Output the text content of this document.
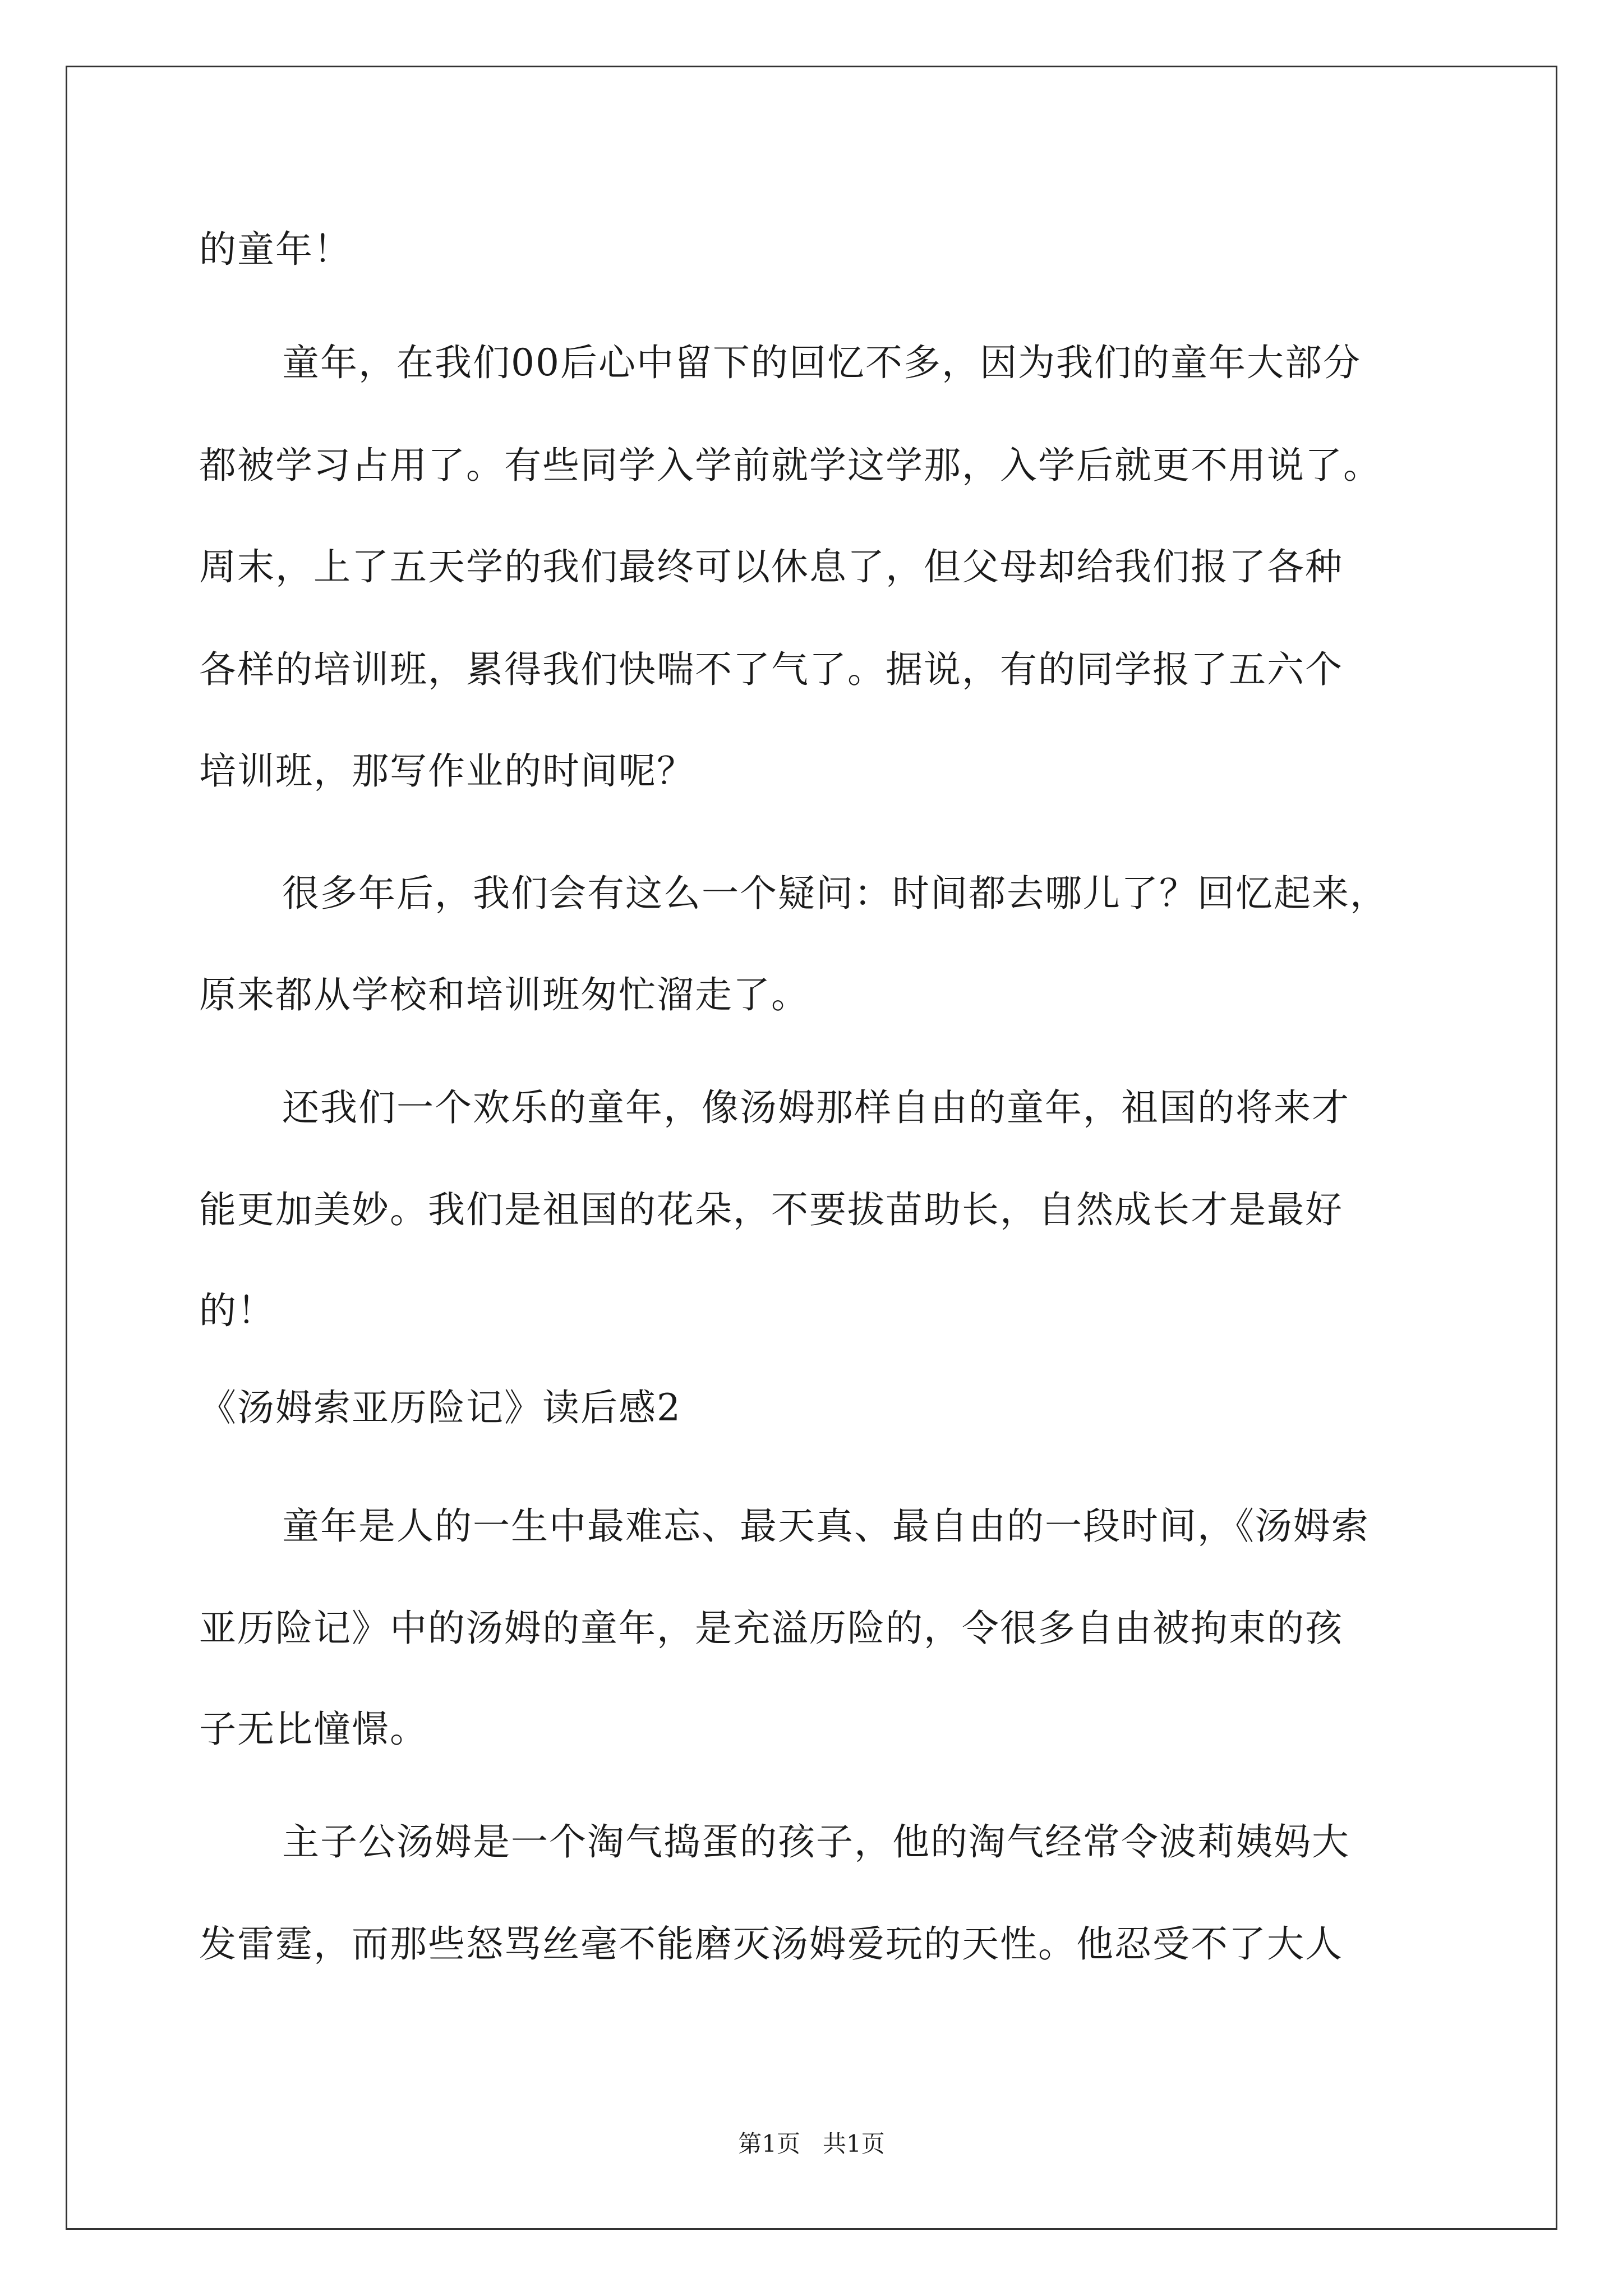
的童年！
童年，在我们00后心中留下的回忆不多，因为我们的童年大部分
都被学习占用了。有些同学入学前就学这学那，入学后就更不用说了。
周末，上了五天学的我们最终可以休息了，但父母却给我们报了各种
各样的培训班，累得我们快喘不了气了。据说，有的同学报了五六个
培训班，那写作业的时间呢？
很多年后，我们会有这么一个疑问：时间都去哪儿了？回忆起来，
原来都从学校和培训班匆忙溜走了。
还我们一个欢乐的童年，像汤姆那样自由的童年，祖国的将来才
能更加美妙。我们是祖国的花朵，不要拔苗助长，自然成长才是最好
的！
《汤姆索亚历险记》读后感2
童年是人的一生中最难忘、最天真、最自由的一段时间，《汤姆索
亚历险记》中的汤姆的童年，是充溢历险的，令很多自由被拘束的孩
子无比憧憬。
主子公汤姆是一个淘气捣蛋的孩子，他的淘气经常令波莉姨妈大
发雷霆，而那些怒骂丝毫不能磨灭汤姆爱玩的天性。他忍受不了大人
第1页   共1页
